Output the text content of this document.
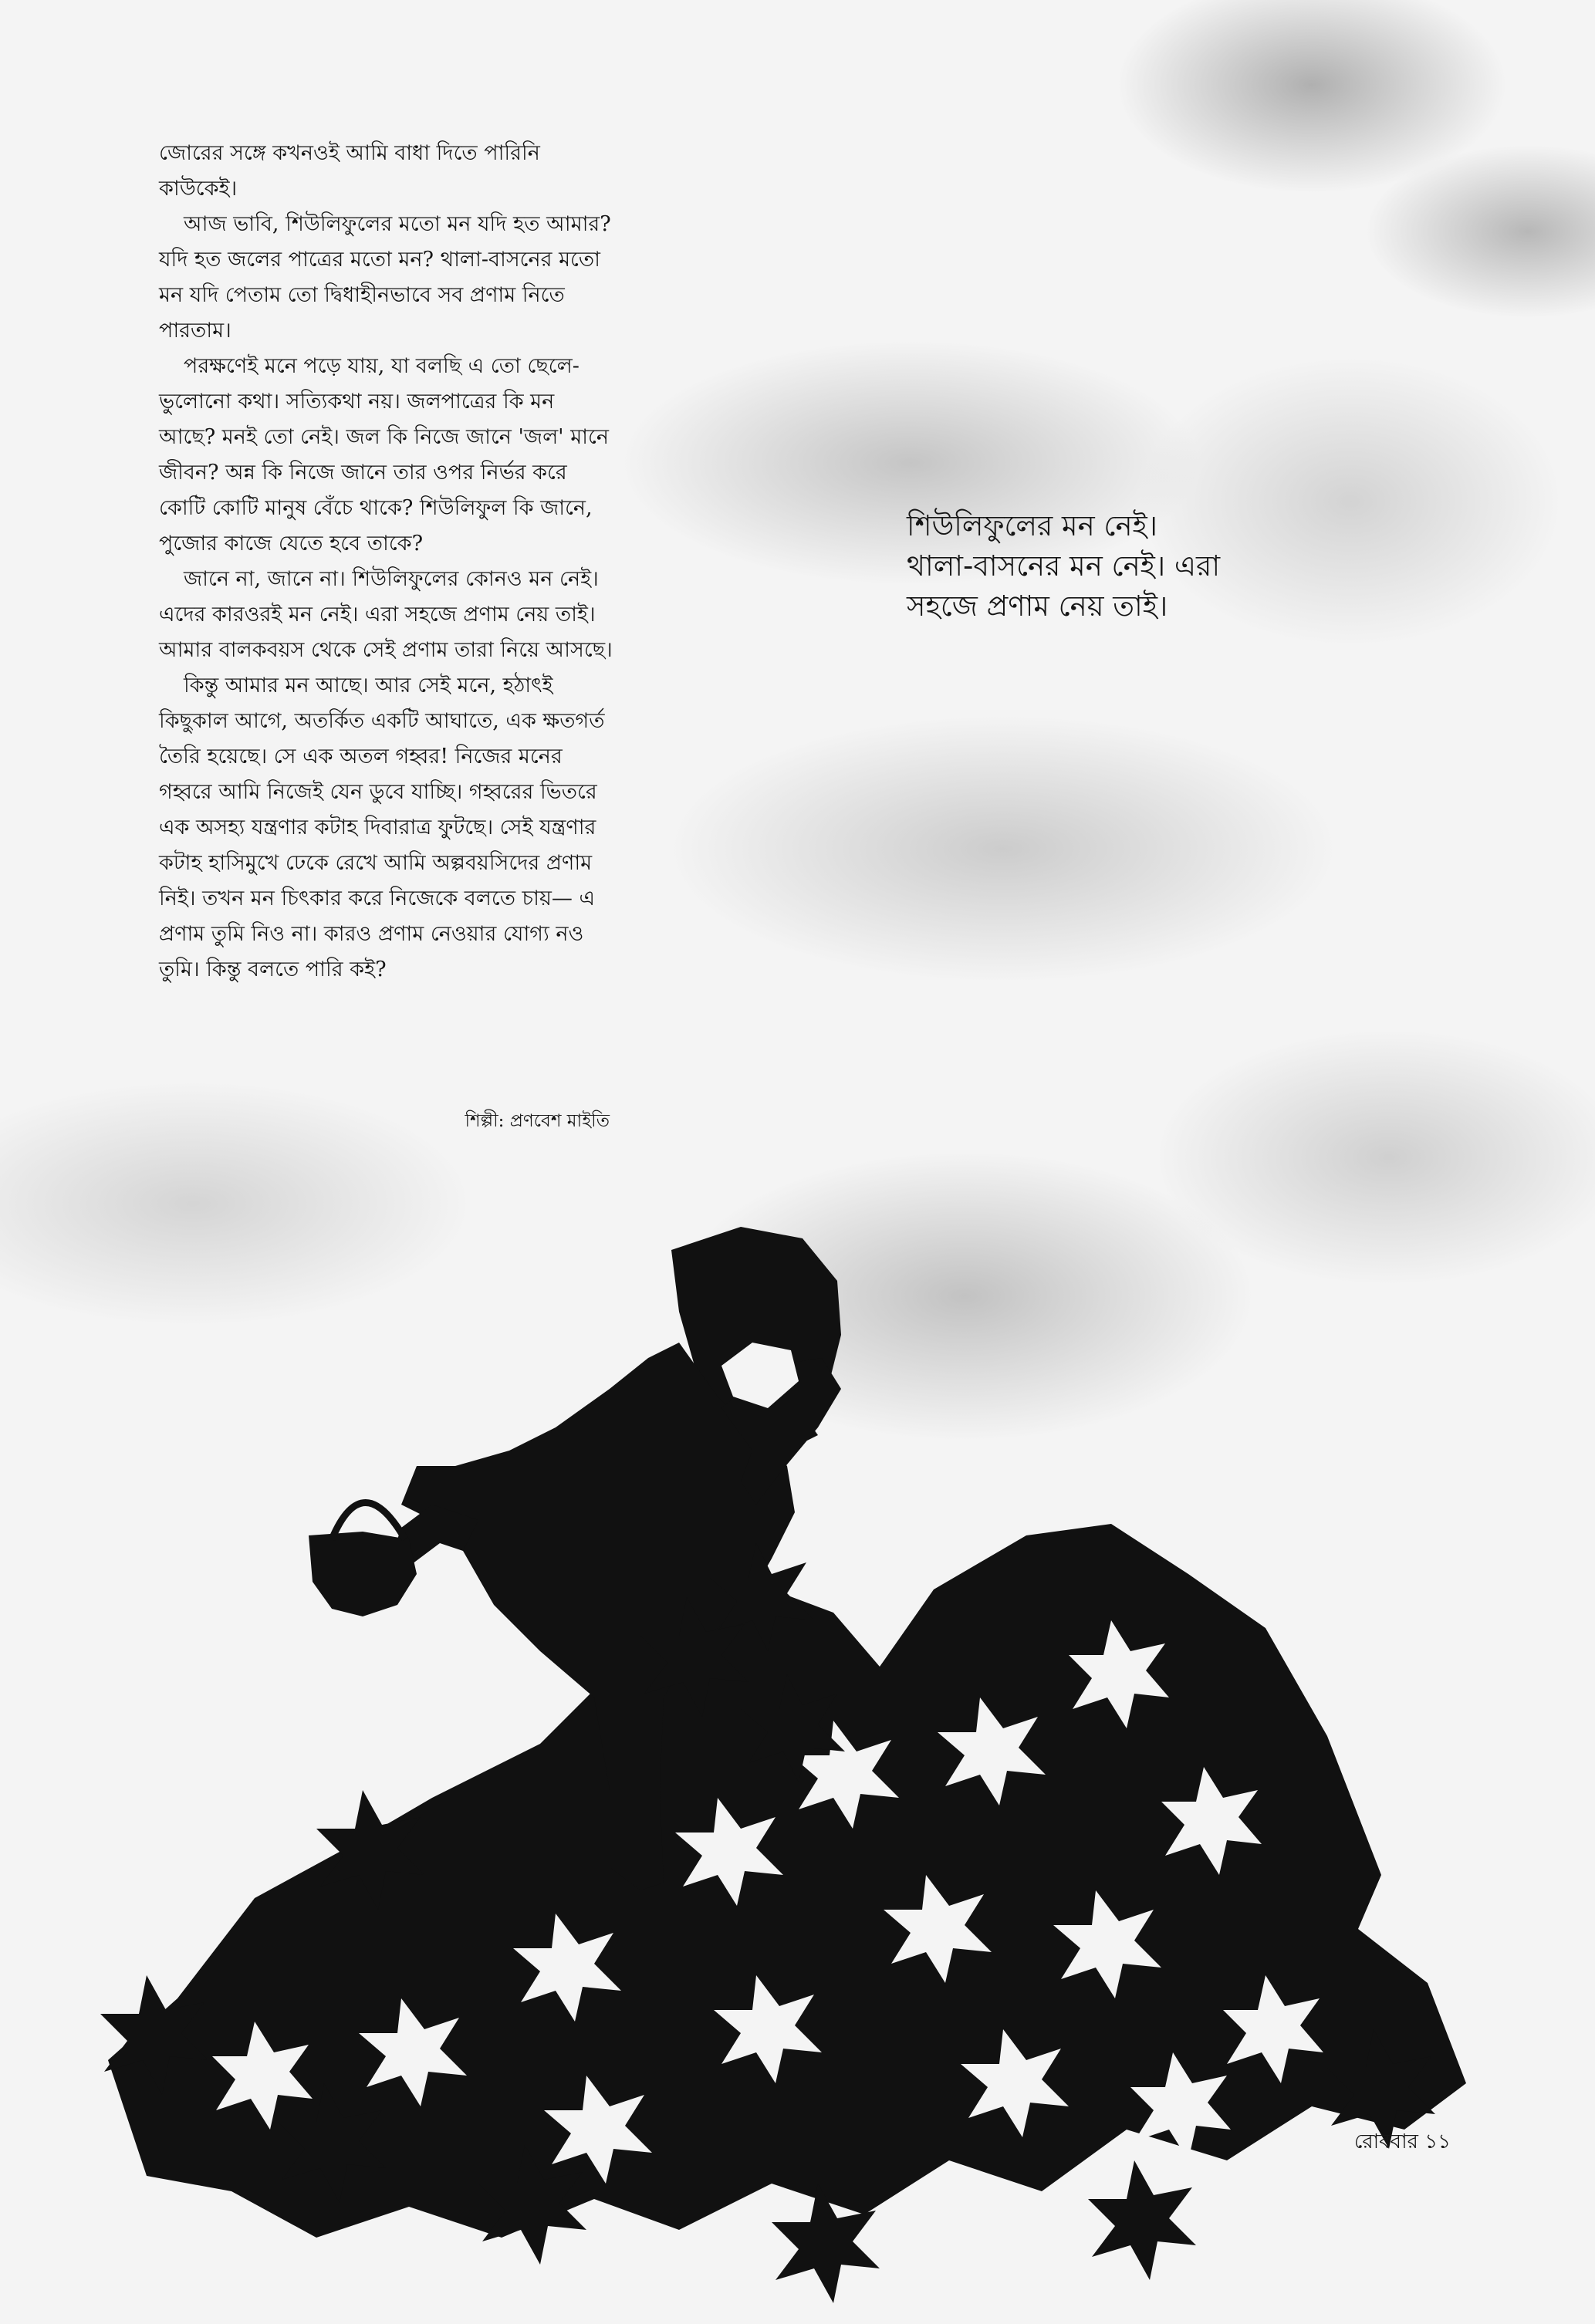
জোরের সঙ্গে কখনওই আমি বাধা দিতে পারিনি কাউকেই।

আজ ভাবি, শিউলিফুলের মতো মন যদি হত আমার? যদি হত জলের পাত্রের মতো মন? থালা-বাসনের মতো মন যদি পেতাম তো দ্বিধাহীনভাবে সব প্রণাম নিতে পারতাম।

পরক্ষণেই মনে পড়ে যায়, যা বলছি এ তো ছেলে-ভুলোনো কথা। সত্যিকথা নয়। জলপাত্রের কি মন আছে? মনই তো নেই। জল কি নিজে জানে 'জল' মানে জীবন? অন্ন কি নিজে জানে তার ওপর নির্ভর করে কোটি কোটি মানুষ বেঁচে থাকে? শিউলিফুল কি জানে, পুজোর কাজে যেতে হবে তাকে?

জানে না, জানে না। শিউলিফুলের কোনও মন নেই। এদের কারওরই মন নেই। এরা সহজে প্রণাম নেয় তাই। আমার বালকবয়স থেকে সেই প্রণাম তারা নিয়ে আসছে।

কিন্তু আমার মন আছে। আর সেই মনে, হঠাৎই কিছুকাল আগে, অতর্কিত একটি আঘাতে, এক ক্ষতগর্ত তৈরি হয়েছে। সে এক অতল গহ্বর! নিজের মনের গহ্বরে আমি নিজেই যেন ডুবে যাচ্ছি। গহ্বরের ভিতরে এক অসহ্য যন্ত্রণার কটাহ দিবারাত্র ফুটছে। সেই যন্ত্রণার কটাহ হাসিমুখে ঢেকে রেখে আমি অল্পবয়সিদের প্রণাম নিই। তখন মন চিৎকার করে নিজেকে বলতে চায়— এ প্রণাম তুমি নিও না। কারও প্রণাম নেওয়ার যোগ্য নও তুমি। কিন্তু বলতে পারি কই?

শিল্পী: প্রণবেশ মাইতি
শিউলিফুলের মন নেই।
থালা-বাসনের মন নেই। এরা
সহজে প্রণাম নেয় তাই।
রোববার ১১
